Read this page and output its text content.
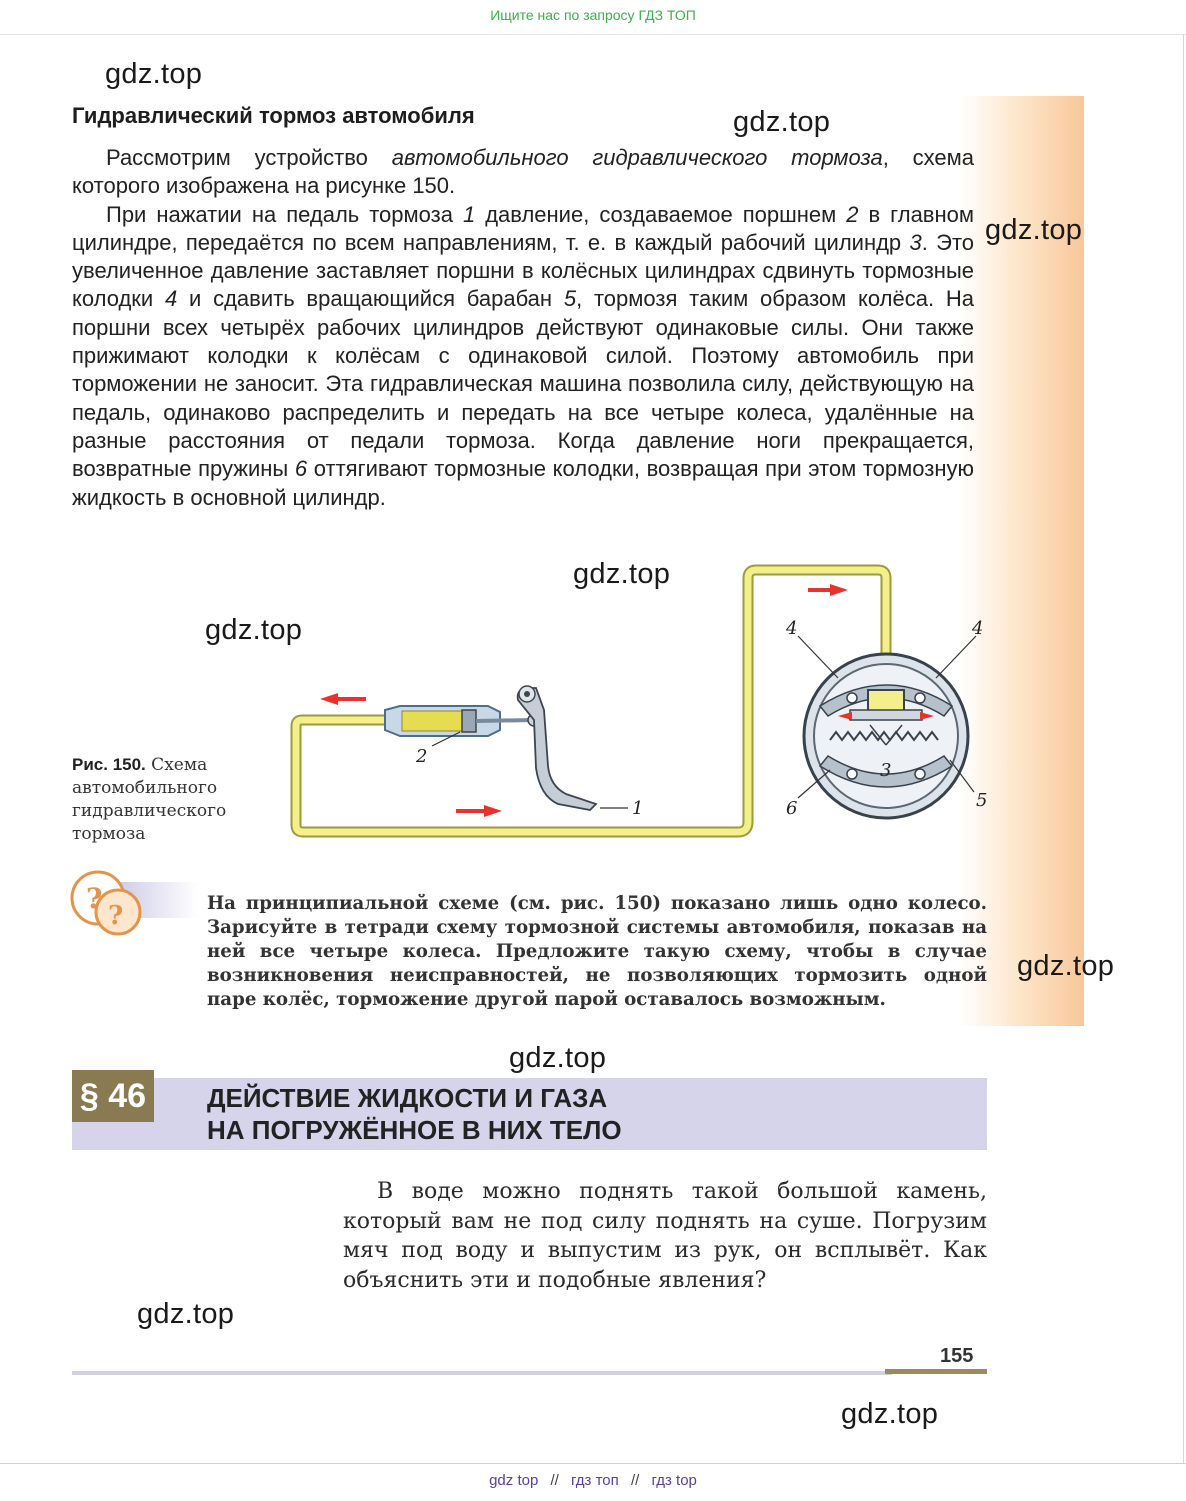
Ищите нас по запросу ГДЗ ТОП
Гидравлический тормоз автомобиля

Рассмотрим устройство автомобильного гидравлического тормоза, схема которого изображена на рисунке 150.

При нажатии на педаль тормоза 1 давление, создаваемое поршнем 2 в главном цилиндре, передаётся по всем направлениям, т. е. в каждый рабочий цилиндр 3. Это увеличенное давление заставляет поршни в колёсных цилиндрах сдвинуть тормозные колодки 4 и сдавить вращающийся барабан 5, тормозя таким образом колёса. На поршни всех четырёх рабочих цилиндров действуют одинаковые силы. Они также прижимают колодки к колёсам с одинаковой силой. Поэтому автомобиль при торможении не заносит. Эта гидравлическая машина позволила силу, действующую на педаль, одинаково распределить и передать на все четыре колеса, удалённые на разные расстояния от педали тормоза. Когда давление ноги прекращается, возвратные пружины 6 оттягивают тормозные колодки, возвращая при этом тормозную жидкость в основной цилиндр.

1
2
3
4	4
5
6
Рис. 150. Схема автомобильного гидравлического тормоза
?
?	На принципиальной схеме (см. рис. 150) показано лишь одно колесо. Зарисуйте в тетради схему тормозной системы автомобиля, показав на ней все четыре колеса. Предложите такую схему, чтобы в случае возникновения неисправностей, не позволяющих тормозить одной паре колёс, торможение другой парой оставалось возможным.
§ 46	ДЕЙСТВИЕ ЖИДКОСТИ И ГАЗА
НА ПОГРУЖЁННОЕ В НИХ ТЕЛО

В воде можно поднять такой большой камень, который вам не под силу поднять на суше. Погрузим мяч под воду и выпустим из рук, он всплывёт. Как объяснить эти и подобные явления?

155
gdz.top
gdz.top
gdz.top
gdz.top
gdz.top
gdz.top
gdz.top
gdz.top
gdz.top
gdz top // гдз топ // гдз top
